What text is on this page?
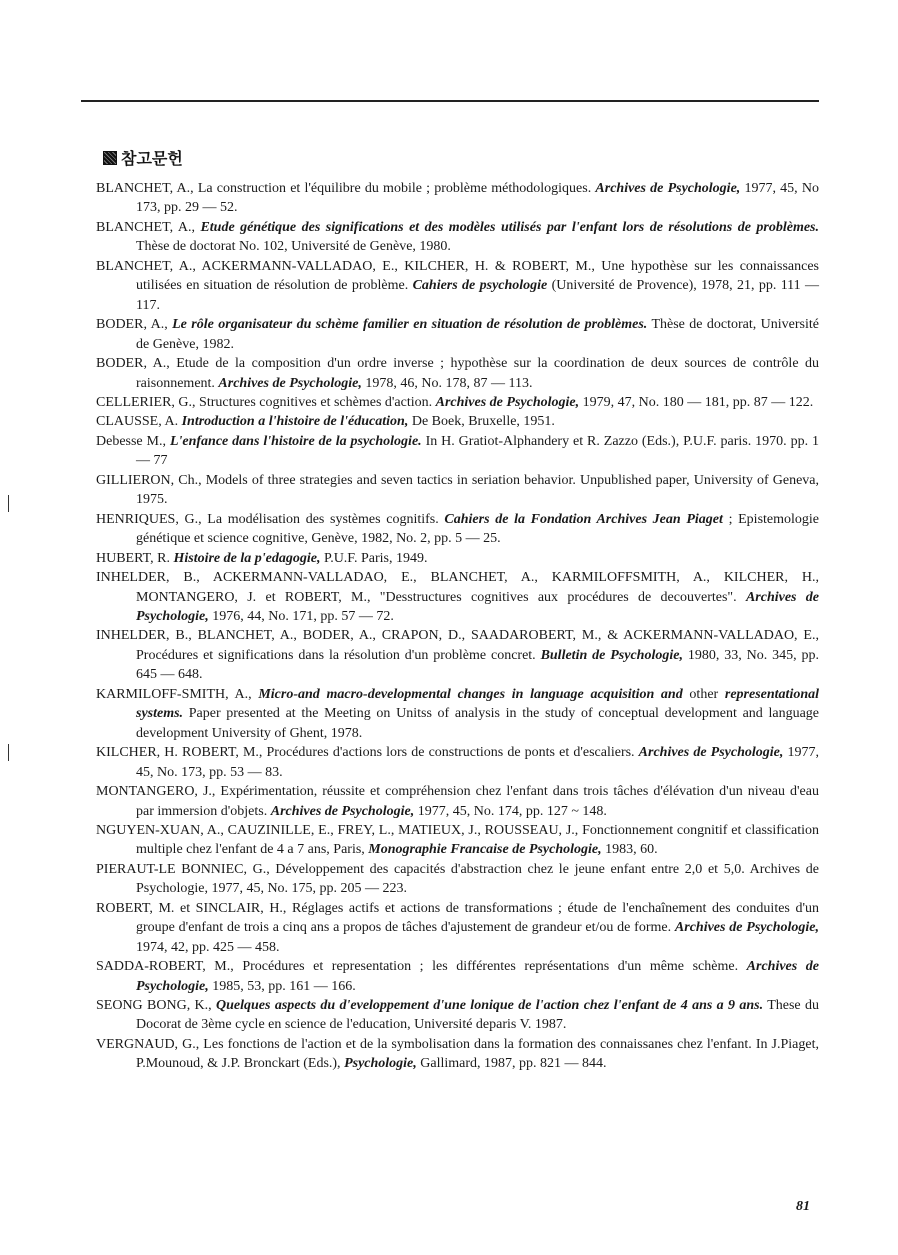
참고문헌
BLANCHET, A., La construction et l'équilibre du mobile ; problème méthodologiques. Archives de Psychologie, 1977, 45, No 173, pp. 29 — 52.
BLANCHET, A., Etude génétique des significations et des modèles utilisés par l'enfant lors de résolutions de problèmes. Thèse de doctorat No. 102, Université de Genève, 1980.
BLANCHET, A., ACKERMANN-VALLADAO, E., KILCHER, H. & ROBERT, M., Une hypothèse sur les connaissances utilisées en situation de résolution de problème. Cahiers de psychologie (Université de Provence), 1978, 21, pp. 111 — 117.
BODER, A., Le rôle organisateur du schème familier en situation de résolution de problèmes. Thèse de doctorat, Université de Genève, 1982.
BODER, A., Etude de la composition d'un ordre inverse ; hypothèse sur la coordination de deux sources de contrôle du raisonnement. Archives de Psychologie, 1978, 46, No. 178, 87 — 113.
CELLERIER, G., Structures cognitives et schèmes d'action. Archives de Psychologie, 1979, 47, No. 180 — 181, pp. 87 — 122.
CLAUSSE, A. Introduction a l'histoire de l'éducation, De Boek, Bruxelle, 1951.
Debesse M., L'enfance dans l'histoire de la psychologie. In H. Gratiot-Alphandery et R. Zazzo (Eds.), P.U.F. paris. 1970. pp. 1 — 77
GILLIERON, Ch., Models of three strategies and seven tactics in seriation behavior. Unpublished paper, University of Geneva, 1975.
HENRIQUES, G., La modélisation des systèmes cognitifs. Cahiers de la Fondation Archives Jean Piaget ; Epistemologie génétique et science cognitive, Genève, 1982, No. 2, pp. 5 — 25.
HUBERT, R. Histoire de la p'edagogie, P.U.F. Paris, 1949.
INHELDER, B., ACKERMANN-VALLADAO, E., BLANCHET, A., KARMILOFFSMITH, A., KILCHER, H., MONTANGERO, J. et ROBERT, M., "Desstructures cognitives aux procédures de decouvertes". Archives de Psychologie, 1976, 44, No. 171, pp. 57 — 72.
INHELDER, B., BLANCHET, A., BODER, A., CRAPON, D., SAADAROBERT, M., & ACKERMANN-VALLADAO, E., Procédures et significations dans la résolution d'un problème concret. Bulletin de Psychologie, 1980, 33, No. 345, pp. 645 — 648.
KARMILOFF-SMITH, A., Micro-and macro-developmental changes in language acquisition and other representational systems. Paper presented at the Meeting on Unitss of analysis in the study of conceptual development and language development University of Ghent, 1978.
KILCHER, H. ROBERT, M., Procédures d'actions lors de constructions de ponts et d'escaliers. Archives de Psychologie, 1977, 45, No. 173, pp. 53 — 83.
MONTANGERO, J., Expérimentation, réussite et compréhension chez l'enfant dans trois tâches d'élévation d'un niveau d'eau par immersion d'objets. Archives de Psychologie, 1977, 45, No. 174, pp. 127 ~ 148.
NGUYEN-XUAN, A., CAUZINILLE, E., FREY, L., MATIEUX, J., ROUSSEAU, J., Fonctionnement congnitif et classification multiple chez l'enfant de 4 a 7 ans, Paris, Monographie Francaise de Psychologie, 1983, 60.
PIERAUT-LE BONNIEC, G., Développement des capacités d'abstraction chez le jeune enfant entre 2,0 et 5,0. Archives de Psychologie, 1977, 45, No. 175, pp. 205 — 223.
ROBERT, M. et SINCLAIR, H., Réglages actifs et actions de transformations ; étude de l'enchaînement des conduites d'un groupe d'enfant de trois a cinq ans a propos de tâches d'ajustement de grandeur et/ou de forme. Archives de Psychologie, 1974, 42, pp. 425 — 458.
SADDA-ROBERT, M., Procédures et representation ; les différentes représentations d'un même schème. Archives de Psychologie, 1985, 53, pp. 161 — 166.
SEONG BONG, K., Quelques aspects du d'eveloppement d'une lonique de l'action chez l'enfant de 4 ans a 9 ans. These du Docorat de 3ème cycle en science de l'education, Université deparis V. 1987.
VERGNAUD, G., Les fonctions de l'action et de la symbolisation dans la formation des connaissanes chez l'enfant. In J.Piaget, P.Mounoud, & J.P. Bronckart (Eds.), Psychologie, Gallimard, 1987, pp. 821 — 844.
81
